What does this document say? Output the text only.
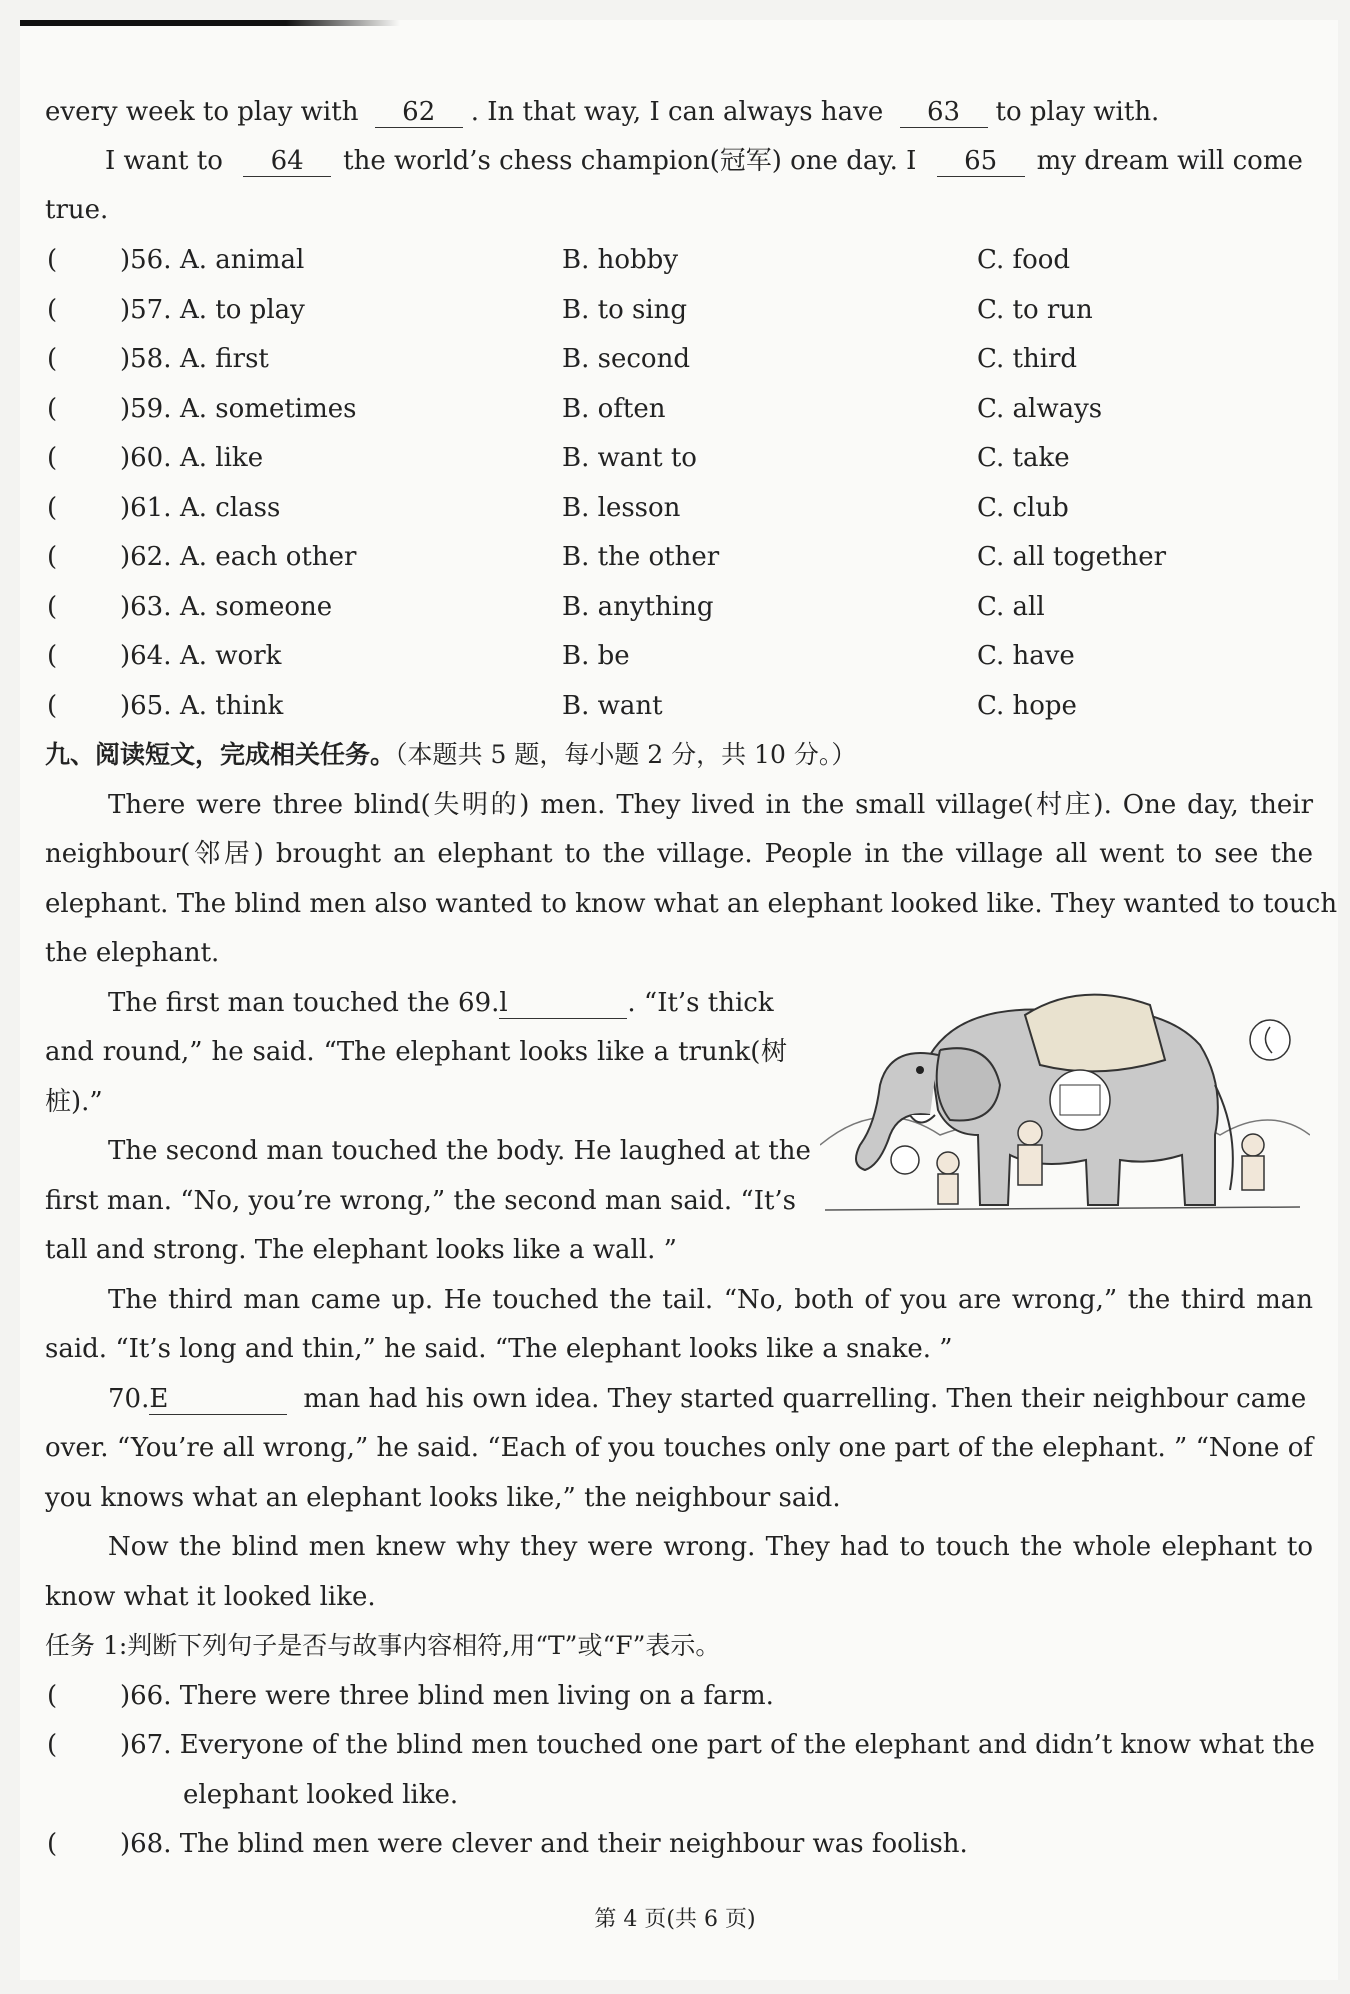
every week to play with 62 . In that way, I can always have 63 to play with.
I want to 64 the world’s chess champion(冠军) one day. I 65 my dream will come
true.
( )56. A. animal	B. hobby	C. food
( )57. A. to play	B. to sing	C. to run
( )58. A. first	B. second	C. third
( )59. A. sometimes	B. often	C. always
( )60. A. like	B. want to	C. take
( )61. A. class	B. lesson	C. club
( )62. A. each other	B. the other	C. all together
( )63. A. someone	B. anything	C. all
( )64. A. work	B. be	C. have
( )65. A. think	B. want	C. hope
九、阅读短文，完成相关任务。（本题共 5 题，每小题 2 分，共 10 分。）
There were three blind(失明的) men. They lived in the small village(村庄). One day, their
neighbour(邻居) brought an elephant to the village. People in the village all went to see the
elephant. The blind men also wanted to know what an elephant looked like. They wanted to touch
the elephant.
The first man touched the 69.l	. “It’s thick
and round,” he said. “The elephant looks like a trunk(树
桩).”
The second man touched the body. He laughed at the
first man. “No, you’re wrong,” the second man said. “It’s
tall and strong. The elephant looks like a wall. ”
The third man came up. He touched the tail. “No, both of you are wrong,” the third man
said. “It’s long and thin,” he said. “The elephant looks like a snake. ”
70.E	man had his own idea. They started quarrelling. Then their neighbour came
over. “You’re all wrong,” he said. “Each of you touches only one part of the elephant. ” “None of
you knows what an elephant looks like,” the neighbour said.
Now the blind men knew why they were wrong. They had to touch the whole elephant to
know what it looked like.
任务 1:判断下列句子是否与故事内容相符,用“T”或“F”表示。
( )66. There were three blind men living on a farm.
( )67. Everyone of the blind men touched one part of the elephant and didn’t know what the
elephant looked like.
( )68. The blind men were clever and their neighbour was foolish.
第 4 页(共 6 页)
